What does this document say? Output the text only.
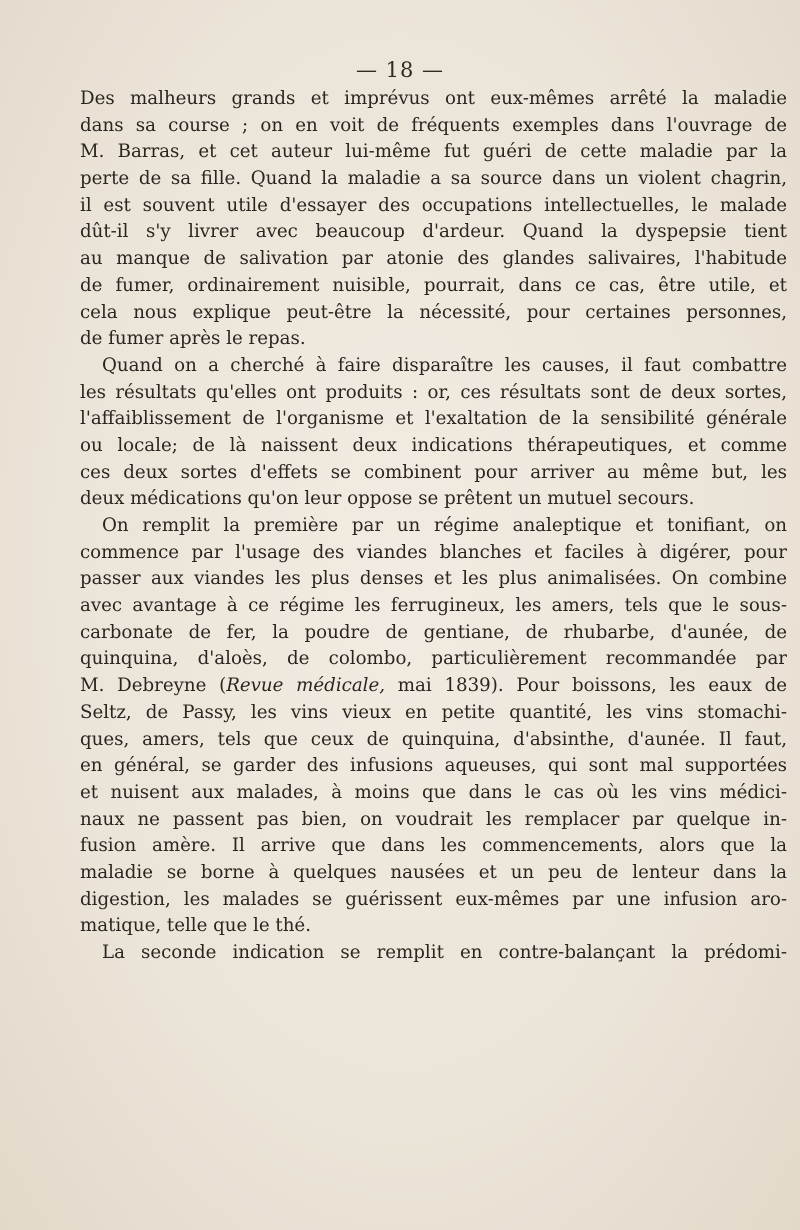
— 18 —
Des malheurs grands et imprévus ont eux-mêmes arrêté la maladie
dans sa course ; on en voit de fréquents exemples dans l'ouvrage de
M. Barras, et cet auteur lui-même fut guéri de cette maladie par la
perte de sa fille. Quand la maladie a sa source dans un violent chagrin,
il est souvent utile d'essayer des occupations intellectuelles, le malade
dût-il s'y livrer avec beaucoup d'ardeur. Quand la dyspepsie tient
au manque de salivation par atonie des glandes salivaires, l'habitude
de fumer, ordinairement nuisible, pourrait, dans ce cas, être utile, et
cela nous explique peut-être la nécessité, pour certaines personnes,
de fumer après le repas.
Quand on a cherché à faire disparaître les causes, il faut combattre
les résultats qu'elles ont produits : or, ces résultats sont de deux sortes,
l'affaiblissement de l'organisme et l'exaltation de la sensibilité générale
ou locale; de là naissent deux indications thérapeutiques, et comme
ces deux sortes d'effets se combinent pour arriver au même but, les
deux médications qu'on leur oppose se prêtent un mutuel secours.
On remplit la première par un régime analeptique et tonifiant, on
commence par l'usage des viandes blanches et faciles à digérer, pour
passer aux viandes les plus denses et les plus animalisées. On combine
avec avantage à ce régime les ferrugineux, les amers, tels que le sous-
carbonate de fer, la poudre de gentiane, de rhubarbe, d'aunée, de
quinquina, d'aloès, de colombo, particulièrement recommandée par
M. Debreyne (Revue médicale, mai 1839). Pour boissons, les eaux de
Seltz, de Passy, les vins vieux en petite quantité, les vins stomachi-
ques, amers, tels que ceux de quinquina, d'absinthe, d'aunée. Il faut,
en général, se garder des infusions aqueuses, qui sont mal supportées
et nuisent aux malades, à moins que dans le cas où les vins médici-
naux ne passent pas bien, on voudrait les remplacer par quelque in-
fusion amère. Il arrive que dans les commencements, alors que la
maladie se borne à quelques nausées et un peu de lenteur dans la
digestion, les malades se guérissent eux-mêmes par une infusion aro-
matique, telle que le thé.
La seconde indication se remplit en contre-balançant la prédomi-
